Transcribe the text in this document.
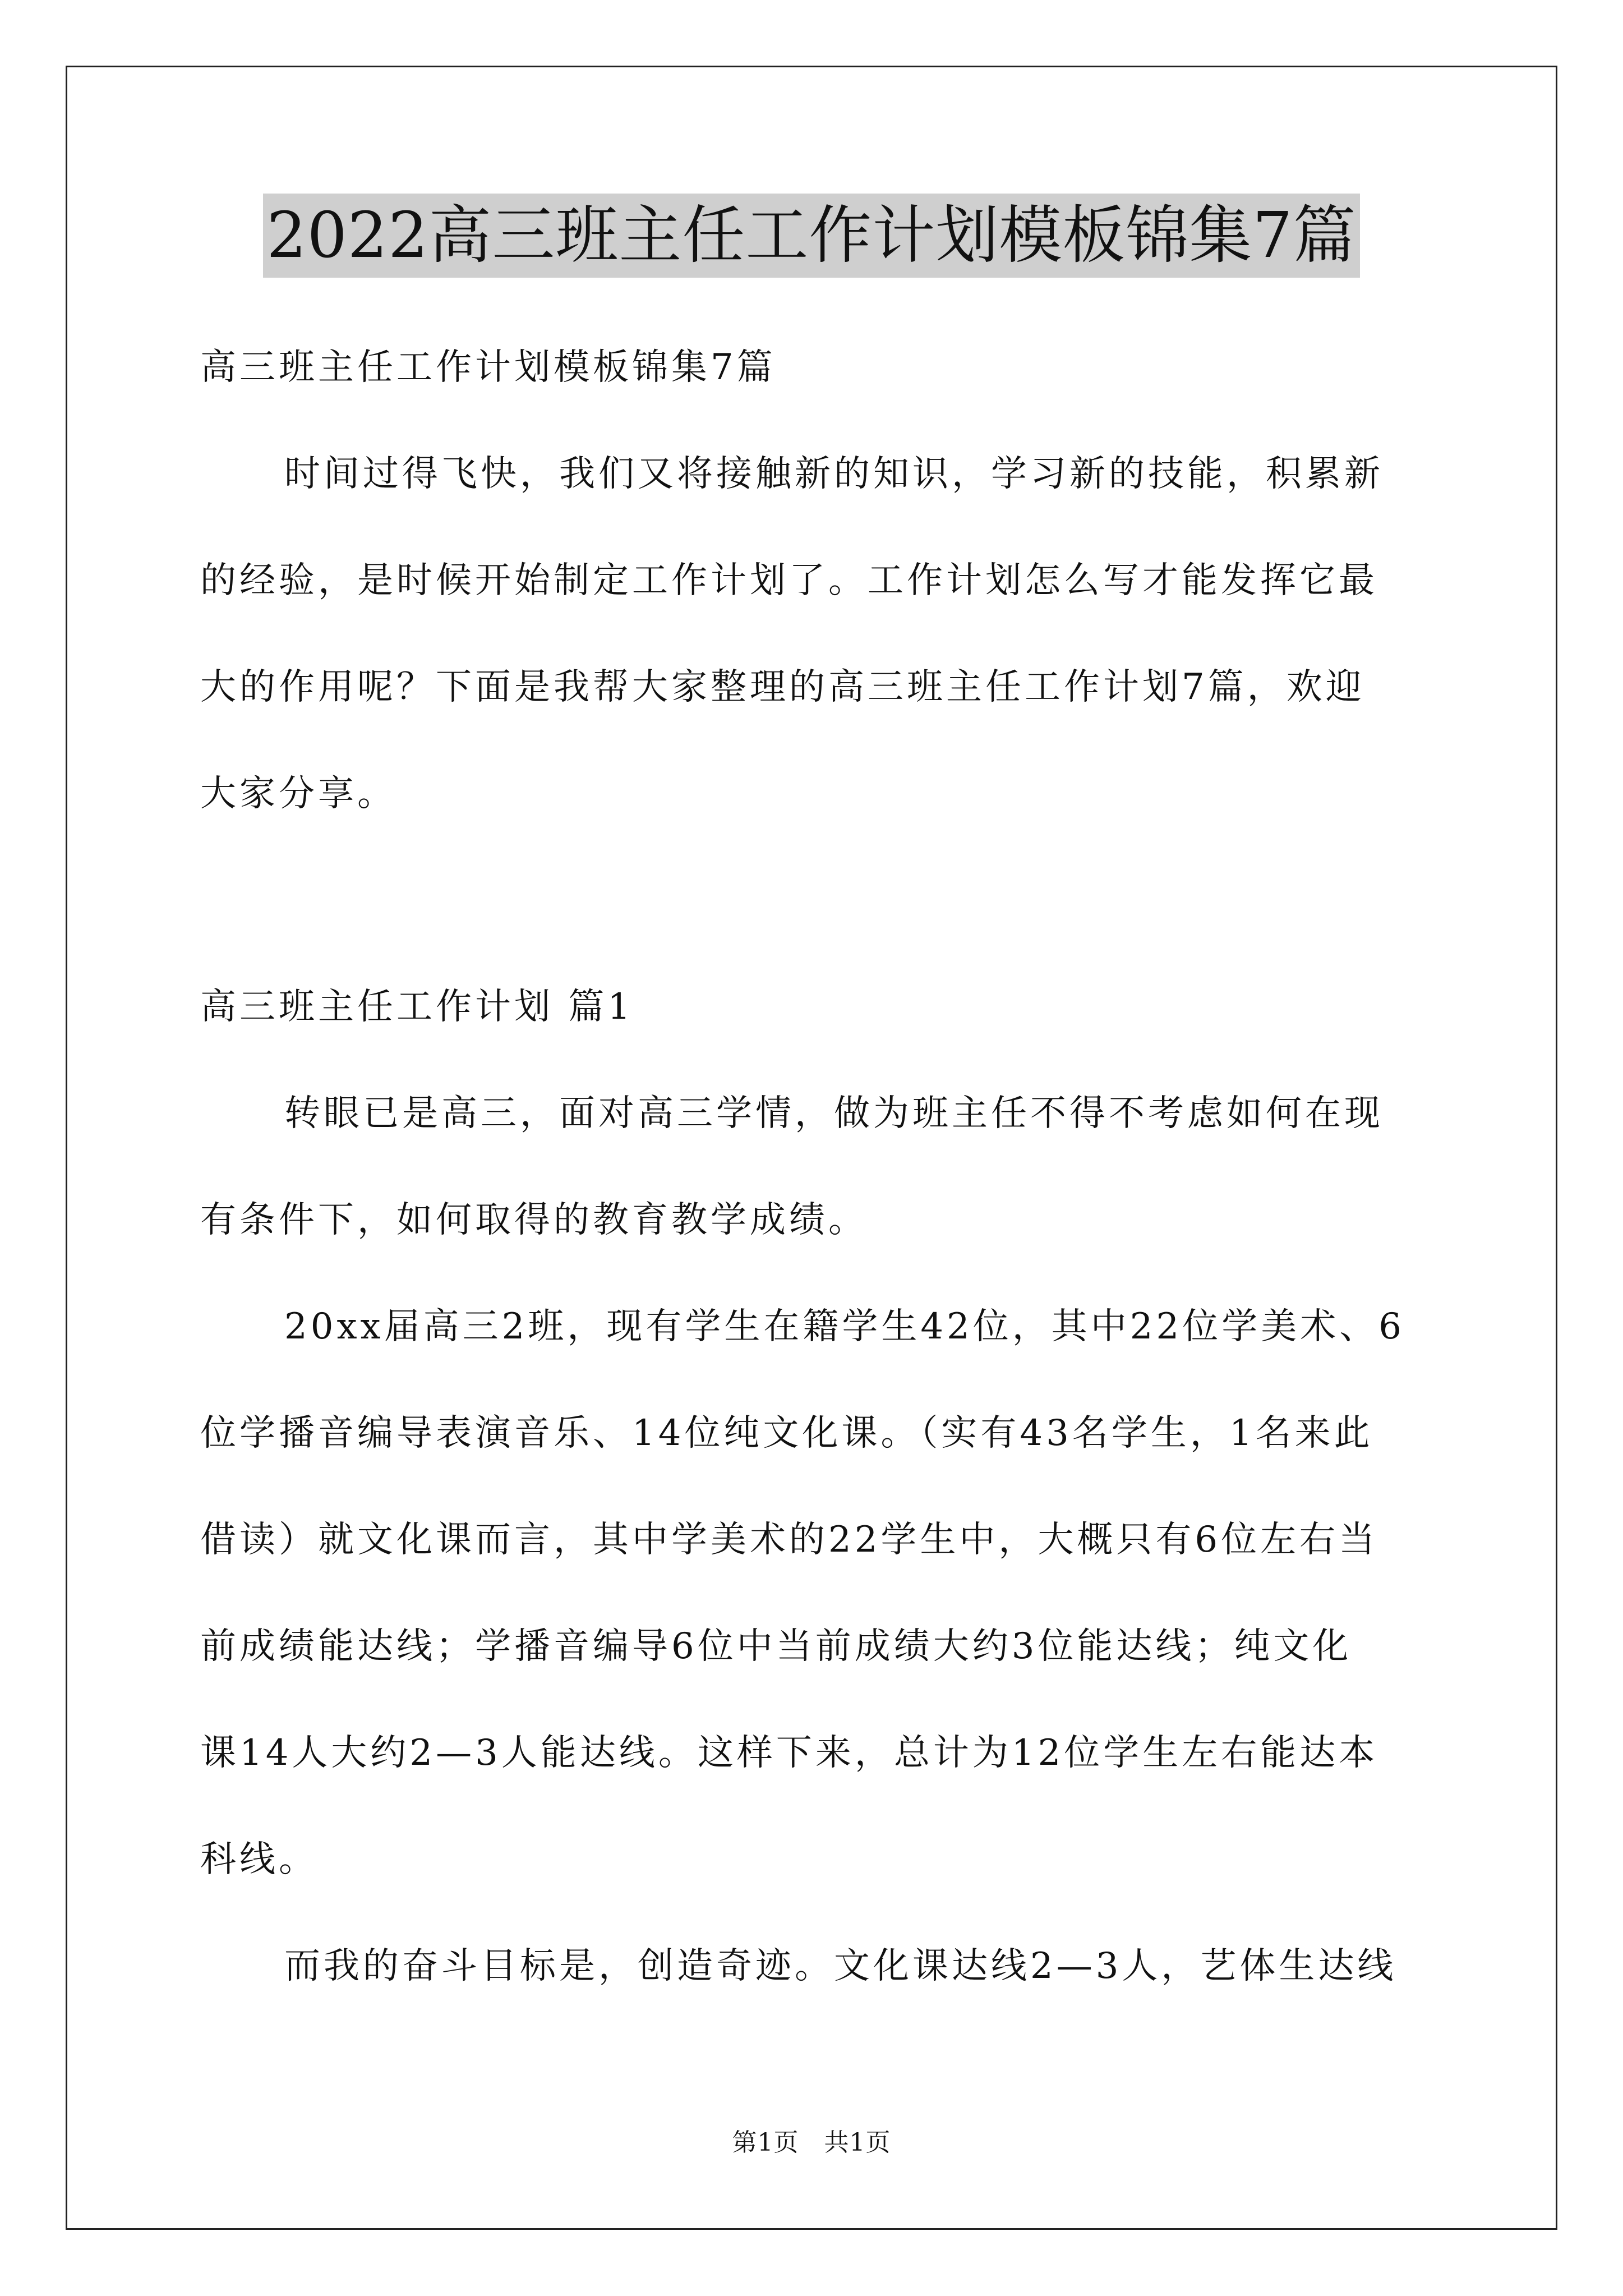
2022高三班主任工作计划模板锦集7篇

高三班主任工作计划模板锦集7篇

时间过得飞快，我们又将接触新的知识，学习新的技能，积累新

的经验，是时候开始制定工作计划了。工作计划怎么写才能发挥它最

大的作用呢？下面是我帮大家整理的高三班主任工作计划7篇，欢迎

大家分享。

高三班主任工作计划 篇1

转眼已是高三，面对高三学情，做为班主任不得不考虑如何在现

有条件下，如何取得的教育教学成绩。

20xx届高三2班，现有学生在籍学生42位，其中22位学美术、6

位学播音编导表演音乐、14位纯文化课。（实有43名学生，1名来此

借读）就文化课而言，其中学美术的22学生中，大概只有6位左右当

前成绩能达线；学播音编导6位中当前成绩大约3位能达线；纯文化

课14人大约2—3人能达线。这样下来，总计为12位学生左右能达本

科线。

而我的奋斗目标是，创造奇迹。文化课达线2—3人，艺体生达线

第1页   共1页
